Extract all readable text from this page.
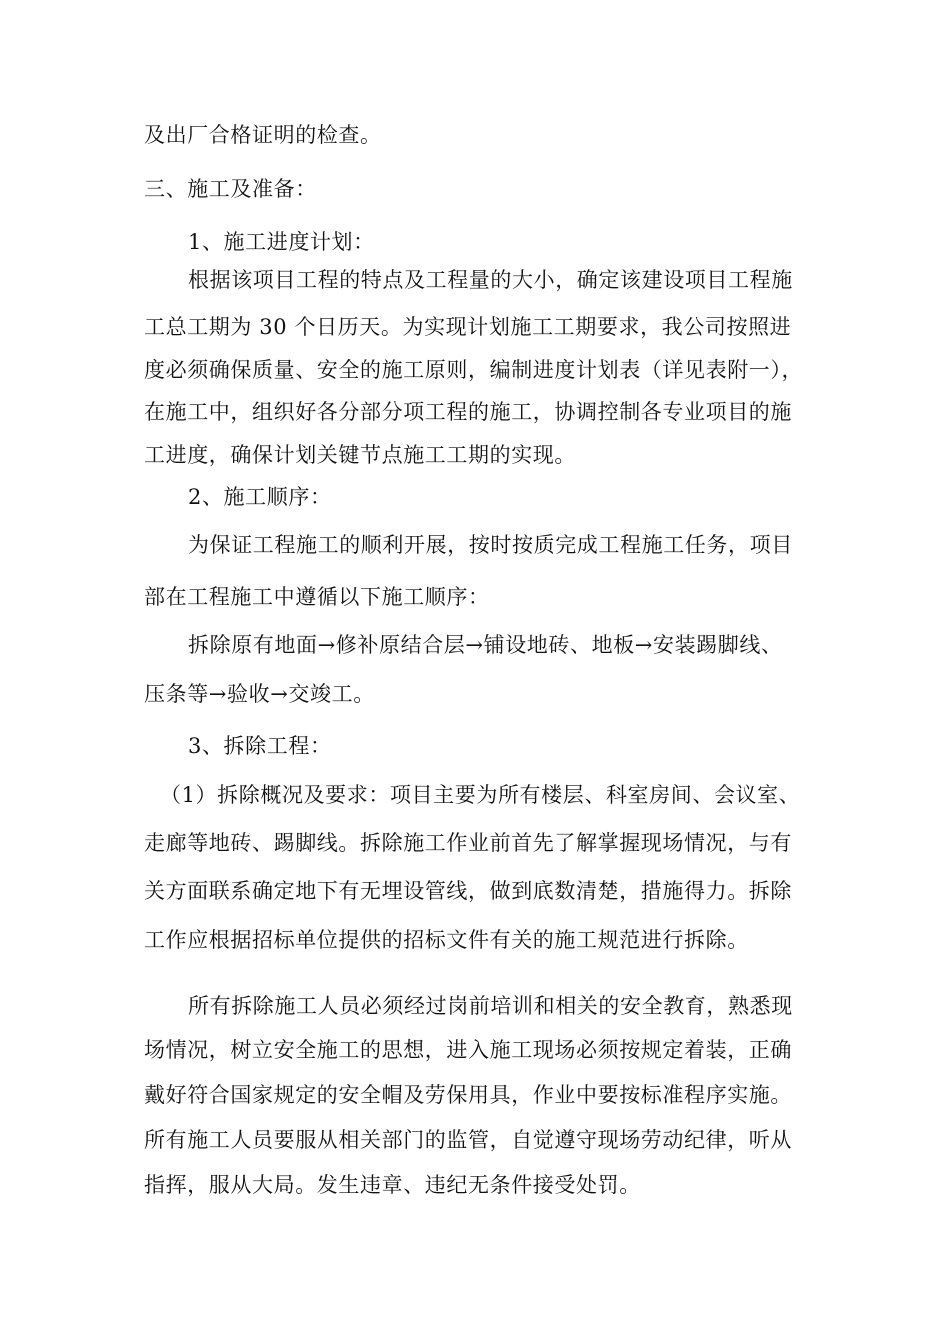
及出厂合格证明的检查。
三、施工及准备：
1、施工进度计划：
根据该项目工程的特点及工程量的大小，确定该建设项目工程施
工总工期为 30 个日历天。为实现计划施工工期要求，我公司按照进
度必须确保质量、安全的施工原则，编制进度计划表（详见表附一），
在施工中，组织好各分部分项工程的施工，协调控制各专业项目的施
工进度，确保计划关键节点施工工期的实现。
2、施工顺序：
为保证工程施工的顺利开展，按时按质完成工程施工任务，项目
部在工程施工中遵循以下施工顺序：
拆除原有地面→修补原结合层→铺设地砖、地板→安装踢脚线、
压条等→验收→交竣工。
3、拆除工程：
（1）拆除概况及要求：项目主要为所有楼层、科室房间、会议室、
走廊等地砖、踢脚线。拆除施工作业前首先了解掌握现场情况，与有
关方面联系确定地下有无埋设管线，做到底数清楚，措施得力。拆除
工作应根据招标单位提供的招标文件有关的施工规范进行拆除。
所有拆除施工人员必须经过岗前培训和相关的安全教育，熟悉现
场情况，树立安全施工的思想，进入施工现场必须按规定着装，正确
戴好符合国家规定的安全帽及劳保用具，作业中要按标准程序实施。
所有施工人员要服从相关部门的监管，自觉遵守现场劳动纪律，听从
指挥，服从大局。发生违章、违纪无条件接受处罚。
